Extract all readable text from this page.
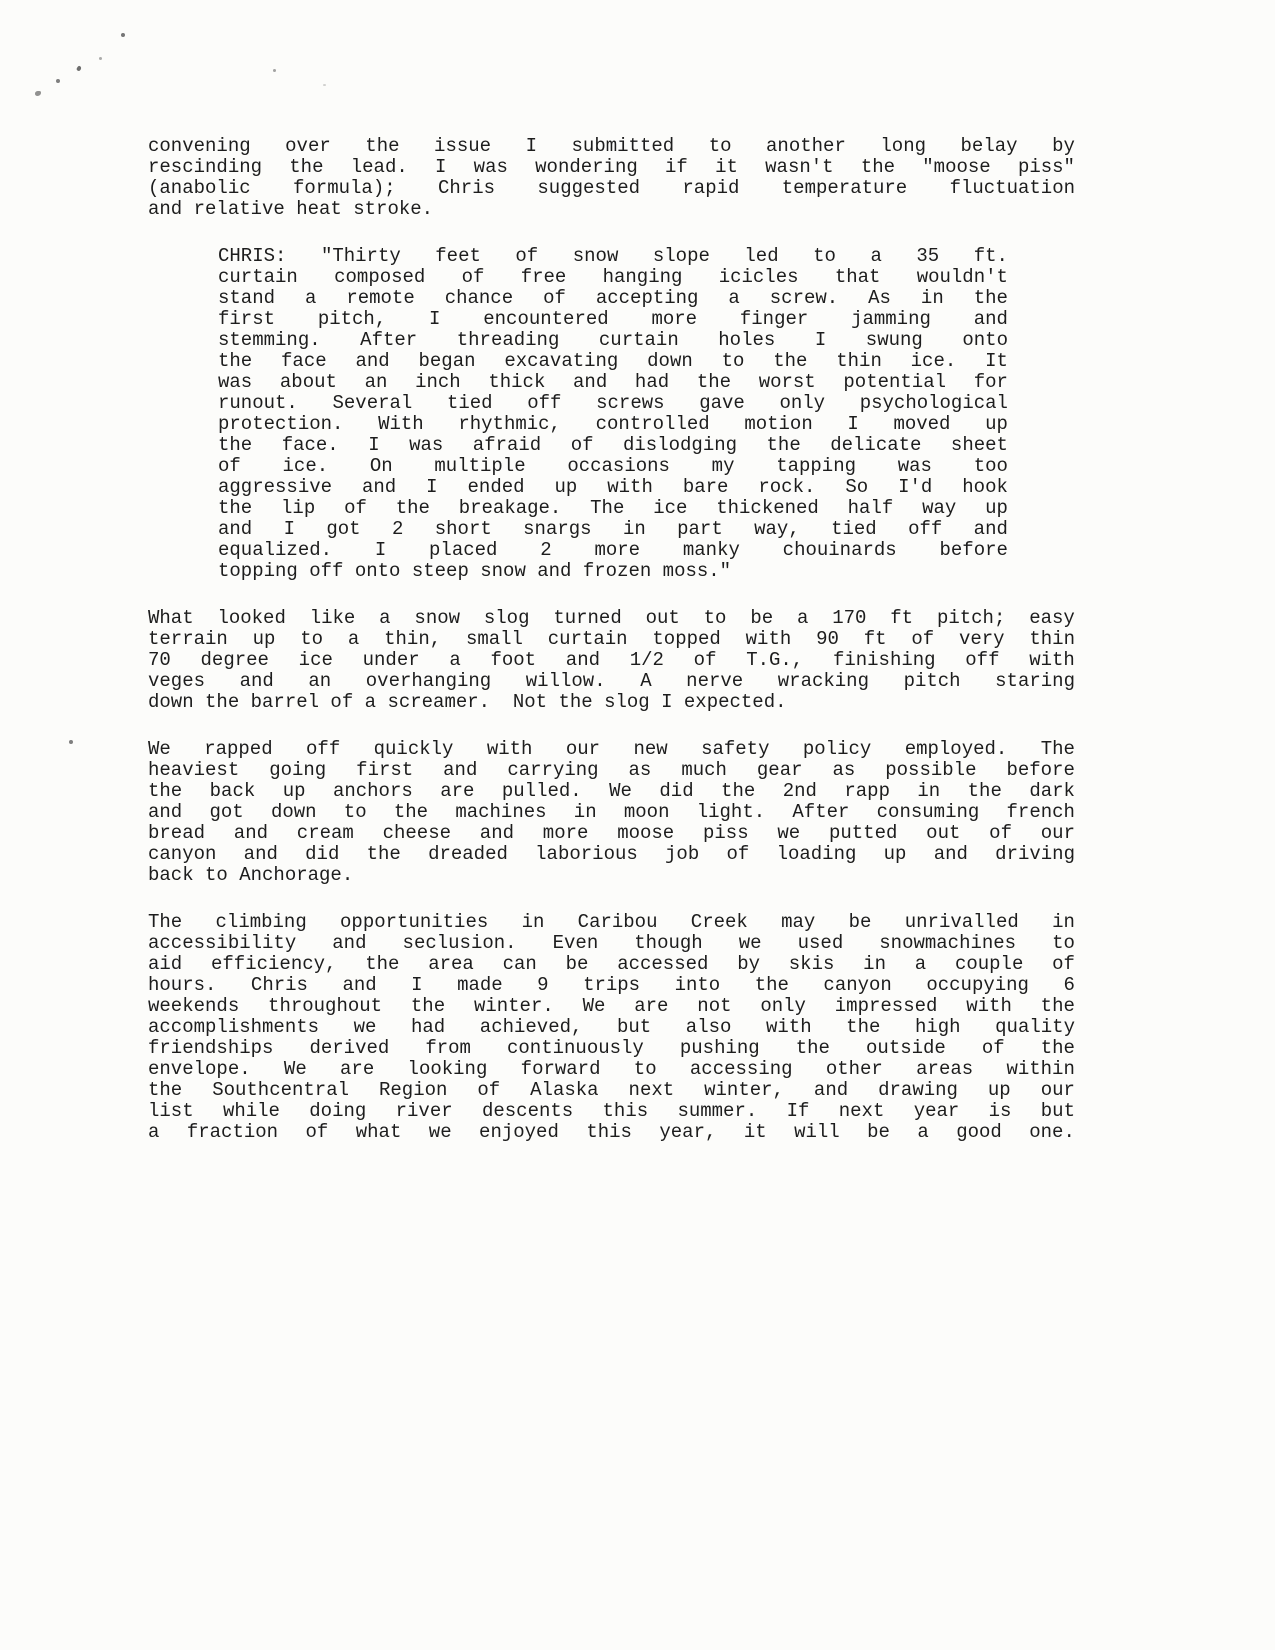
convening over the issue I submitted to another long belay by
rescinding the lead. I was wondering if it wasn't the "moose piss"
(anabolic formula); Chris suggested rapid temperature fluctuation
and relative heat stroke.
CHRIS: "Thirty feet of snow slope led to a 35 ft.
curtain composed of free hanging icicles that wouldn't
stand a remote chance of accepting a screw. As in the
first pitch, I encountered more finger jamming and
stemming. After threading curtain holes I swung onto
the face and began excavating down to the thin ice. It
was about an inch thick and had the worst potential for
runout. Several tied off screws gave only psychological
protection. With rhythmic, controlled motion I moved up
the face. I was afraid of dislodging the delicate sheet
of ice. On multiple occasions my tapping was too
aggressive and I ended up with bare rock. So I'd hook
the lip of the breakage. The ice thickened half way up
and I got 2 short snargs in part way, tied off and
equalized. I placed 2 more manky chouinards before
topping off onto steep snow and frozen moss."
What looked like a snow slog turned out to be a 170 ft pitch; easy
terrain up to a thin, small curtain topped with 90 ft of very thin
70 degree ice under a foot and 1/2 of T.G., finishing off with
veges and an overhanging willow. A nerve wracking pitch staring
down the barrel of a screamer.  Not the slog I expected.
We rapped off quickly with our new safety policy employed. The
heaviest going first and carrying as much gear as possible before
the back up anchors are pulled. We did the 2nd rapp in the dark
and got down to the machines in moon light. After consuming french
bread and cream cheese and more moose piss we putted out of our
canyon and did the dreaded laborious job of loading up and driving
back to Anchorage.
The climbing opportunities in Caribou Creek may be unrivalled in
accessibility and seclusion. Even though we used snowmachines to
aid efficiency, the area can be accessed by skis in a couple of
hours. Chris and I made 9 trips into the canyon occupying 6
weekends throughout the winter. We are not only impressed with the
accomplishments we had achieved, but also with the high quality
friendships derived from continuously pushing the outside of the
envelope. We are looking forward to accessing other areas within
the Southcentral Region of Alaska next winter, and drawing up our
list while doing river descents this summer. If next year is but
a fraction of what we enjoyed this year, it will be a good one.
